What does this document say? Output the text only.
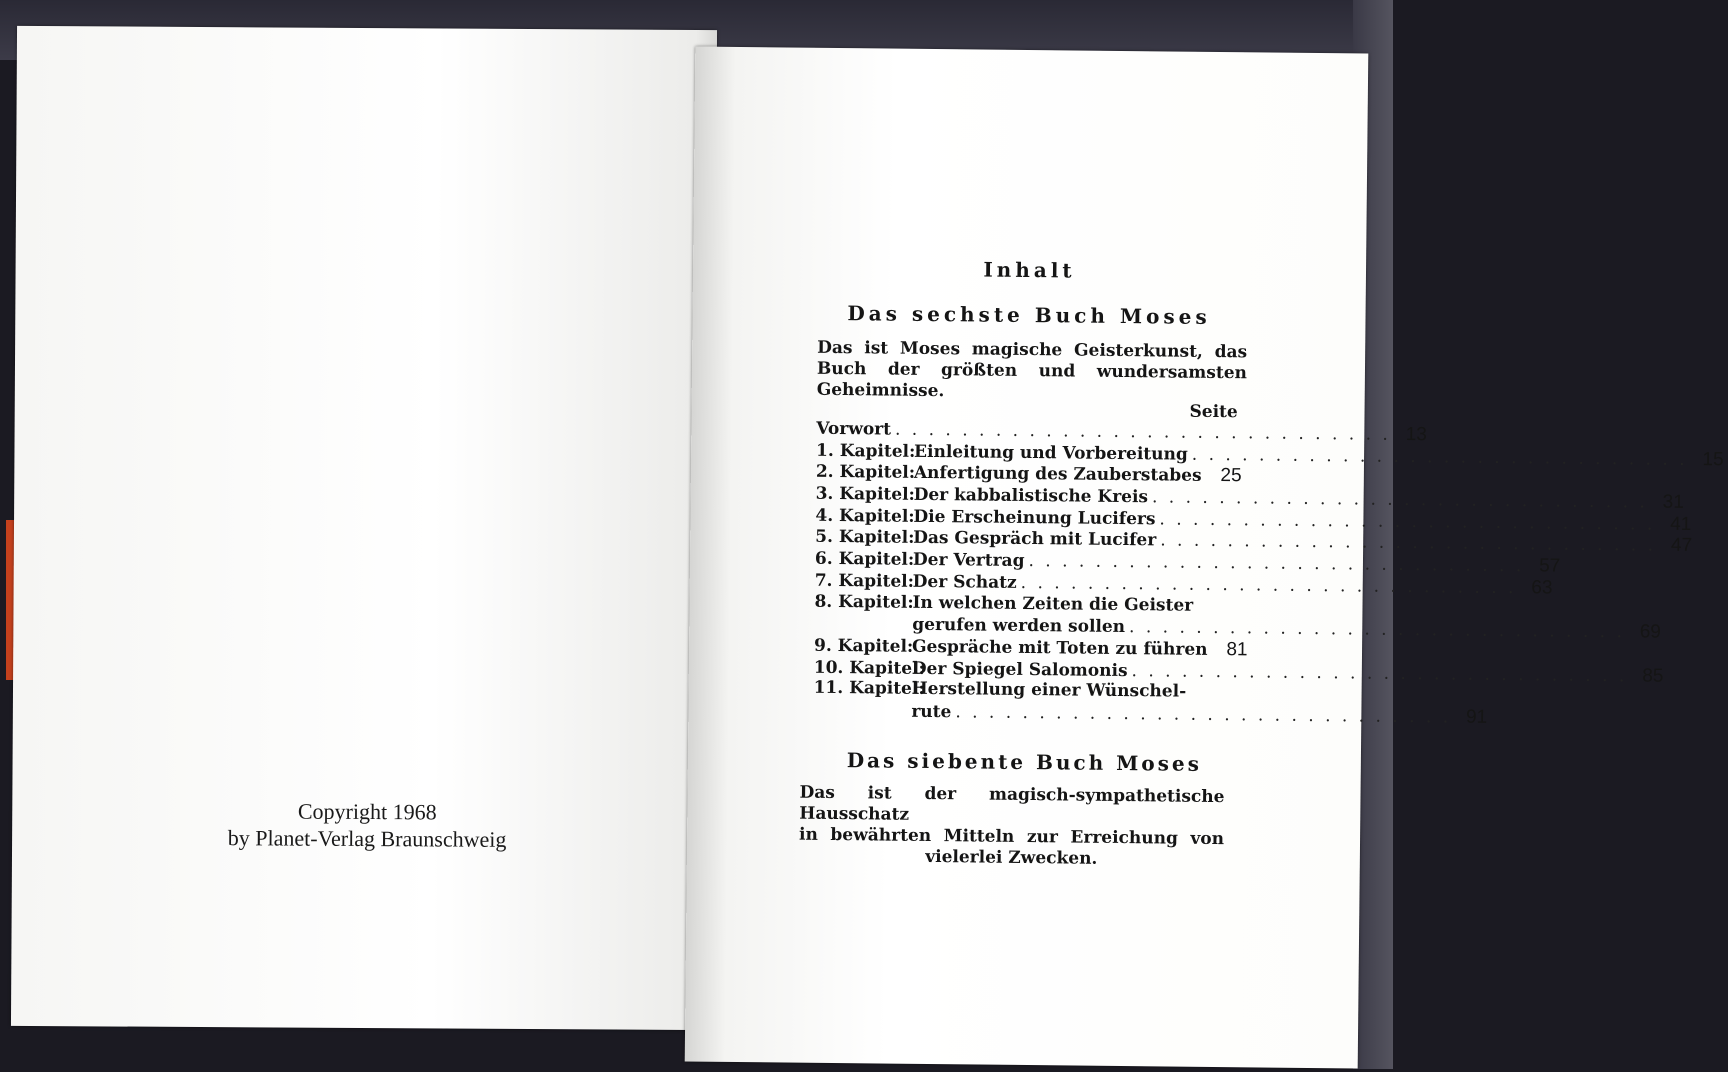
Copyright 1968
by Planet-Verlag Braunschweig
Inhalt
Das sechste Buch Moses
Das ist Moses magische Geisterkunst, das Buch der größten und wundersamsten Geheimnisse.
Seite
Vorwort . . . . . . . . . . . . . . . . . . . . . . . . . . . . . . 13
1. Kapitel:
Einleitung und Vorbereitung . . . . . . . . . . . . . . . . . . . . . . . . . . . . . . 15
2. Kapitel:
Anfertigung des Zauberstabes 25
3. Kapitel:
Der kabbalistische Kreis . . . . . . . . . . . . . . . . . . . . . . . . . . . . . . 31
4. Kapitel:
Die Erscheinung Lucifers . . . . . . . . . . . . . . . . . . . . . . . . . . . . . . 41
5. Kapitel:
Das Gespräch mit Lucifer . . . . . . . . . . . . . . . . . . . . . . . . . . . . . . 47
6. Kapitel:
Der Vertrag . . . . . . . . . . . . . . . . . . . . . . . . . . . . . . 57
7. Kapitel:
Der Schatz . . . . . . . . . . . . . . . . . . . . . . . . . . . . . . 63
8. Kapitel:
In welchen Zeiten die Geister
gerufen werden sollen . . . . . . . . . . . . . . . . . . . . . . . . . . . . . . 69
9. Kapitel:
Gespräche mit Toten zu führen 81
10. Kapitel:
Der Spiegel Salomonis . . . . . . . . . . . . . . . . . . . . . . . . . . . . . . 85
11. Kapitel:
Herstellung einer Wünschel-
rute . . . . . . . . . . . . . . . . . . . . . . . . . . . . . . 91
Das siebente Buch Moses
Das ist der magisch-sympathetische Hausschatz
in bewährten Mitteln zur Erreichung von
vielerlei Zwecken.
